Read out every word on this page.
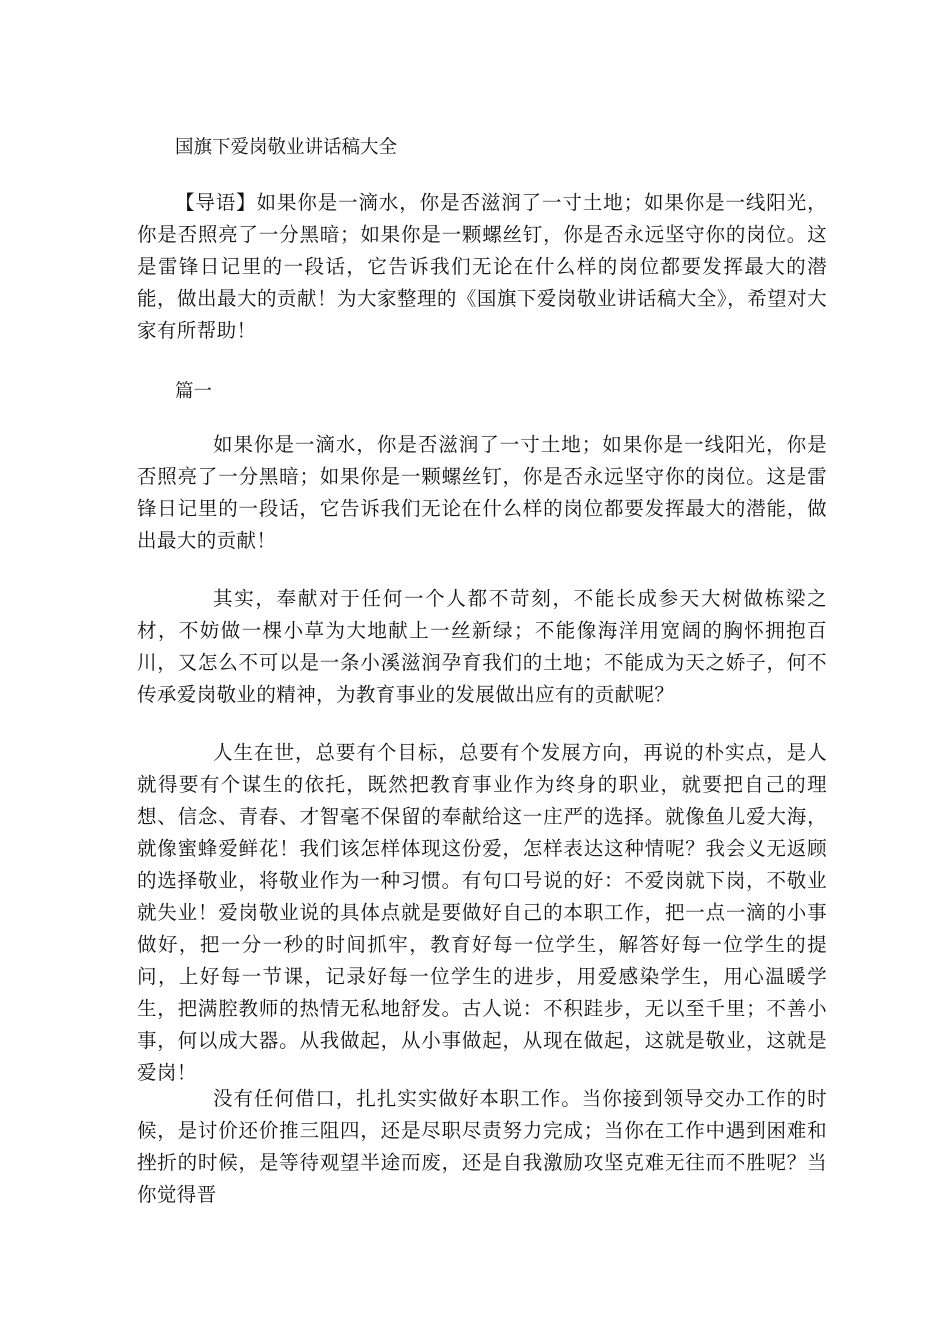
国旗下爱岗敬业讲话稿大全
【导语】如果你是一滴水，你是否滋润了一寸土地；如果你是一线阳光，你是否照亮了一分黑暗；如果你是一颗螺丝钉，你是否永远坚守你的岗位。这是雷锋日记里的一段话，它告诉我们无论在什么样的岗位都要发挥最大的潜能，做出最大的贡献！为大家整理的《国旗下爱岗敬业讲话稿大全》，希望对大家有所帮助！
篇一
如果你是一滴水，你是否滋润了一寸土地；如果你是一线阳光，你是否照亮了一分黑暗；如果你是一颗螺丝钉，你是否永远坚守你的岗位。这是雷锋日记里的一段话，它告诉我们无论在什么样的岗位都要发挥最大的潜能，做出最大的贡献！
其实，奉献对于任何一个人都不苛刻，不能长成参天大树做栋梁之材，不妨做一棵小草为大地献上一丝新绿；不能像海洋用宽阔的胸怀拥抱百川，又怎么不可以是一条小溪滋润孕育我们的土地；不能成为天之娇子，何不传承爱岗敬业的精神，为教育事业的发展做出应有的贡献呢？
人生在世，总要有个目标，总要有个发展方向，再说的朴实点，是人就得要有个谋生的依托，既然把教育事业作为终身的职业，就要把自己的理想、信念、青春、才智毫不保留的奉献给这一庄严的选择。就像鱼儿爱大海，就像蜜蜂爱鲜花！我们该怎样体现这份爱，怎样表达这种情呢？我会义无返顾的选择敬业，将敬业作为一种习惯。有句口号说的好：不爱岗就下岗，不敬业就失业！爱岗敬业说的具体点就是要做好自己的本职工作，把一点一滴的小事做好，把一分一秒的时间抓牢，教育好每一位学生，解答好每一位学生的提问，上好每一节课，记录好每一位学生的进步，用爱感染学生，用心温暖学生，把满腔教师的热情无私地舒发。古人说：不积跬步，无以至千里；不善小事，何以成大器。从我做起，从小事做起，从现在做起，这就是敬业，这就是爱岗！
没有任何借口，扎扎实实做好本职工作。当你接到领导交办工作的时候，是讨价还价推三阻四，还是尽职尽责努力完成；当你在工作中遇到困难和挫折的时候，是等待观望半途而废，还是自我激励攻坚克难无往而不胜呢？当你觉得晋
